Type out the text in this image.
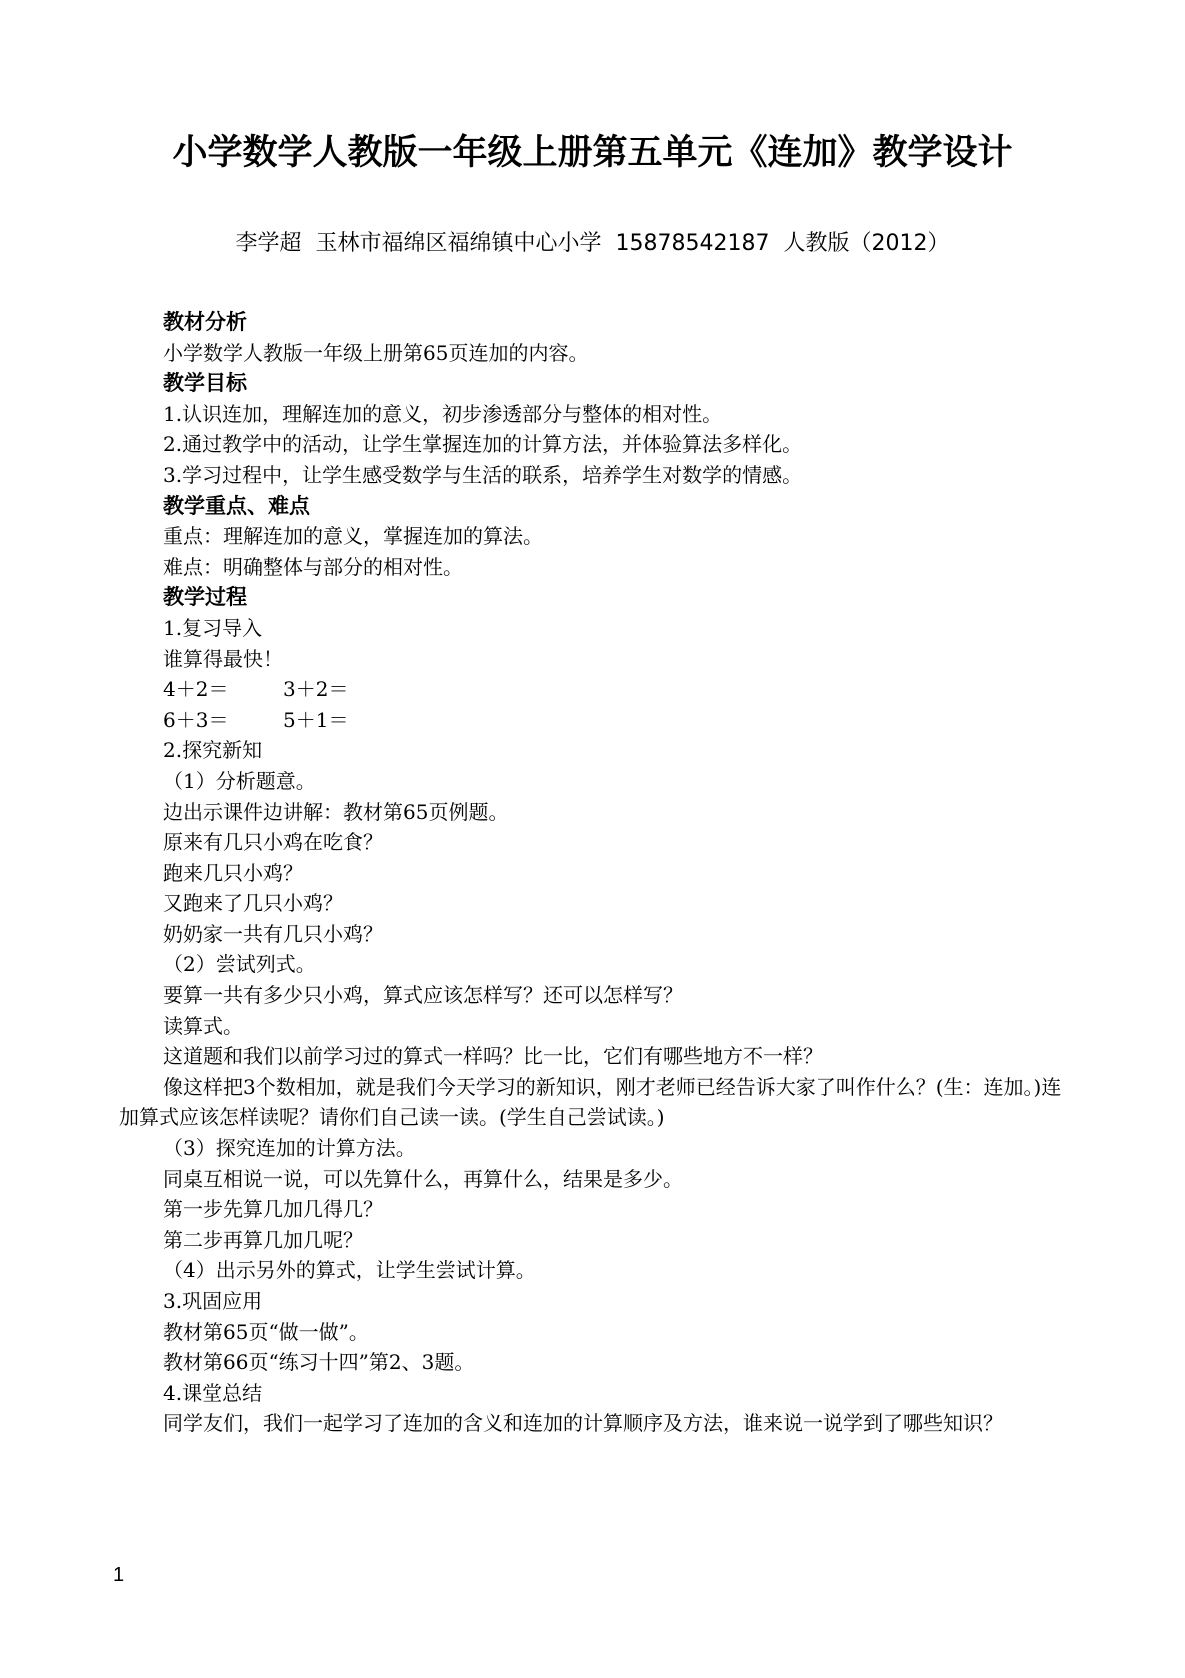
小学数学人教版一年级上册第五单元《连加》教学设计
李学超  玉林市福绵区福绵镇中心小学  15878542187  人教版（2012）
教材分析
小学数学人教版一年级上册第65页连加的内容。
教学目标
1.认识连加，理解连加的意义，初步渗透部分与整体的相对性。
2.通过教学中的活动，让学生掌握连加的计算方法，并体验算法多样化。
3.学习过程中，让学生感受数学与生活的联系，培养学生对数学的情感。
教学重点、难点
重点：理解连加的意义，掌握连加的算法。
难点：明确整体与部分的相对性。
教学过程
1.复习导入
谁算得最快！
4＋2＝	3＋2＝
6＋3＝	5＋1＝
2.探究新知
（1）分析题意。
边出示课件边讲解：教材第65页例题。
原来有几只小鸡在吃食？
跑来几只小鸡？
又跑来了几只小鸡？
奶奶家一共有几只小鸡？
（2）尝试列式。
要算一共有多少只小鸡，算式应该怎样写？还可以怎样写？
读算式。
这道题和我们以前学习过的算式一样吗？比一比，它们有哪些地方不一样？
像这样把3个数相加，就是我们今天学习的新知识，刚才老师已经告诉大家了叫作什么？(生：连加。)连加算式应该怎样读呢？请你们自己读一读。(学生自己尝试读。)
（3）探究连加的计算方法。
同桌互相说一说，可以先算什么，再算什么，结果是多少。
第一步先算几加几得几？
第二步再算几加几呢？
（4）出示另外的算式，让学生尝试计算。
3.巩固应用
教材第65页“做一做”。
教材第66页“练习十四”第2、3题。
4.课堂总结
同学友们，我们一起学习了连加的含义和连加的计算顺序及方法，谁来说一说学到了哪些知识？
1
